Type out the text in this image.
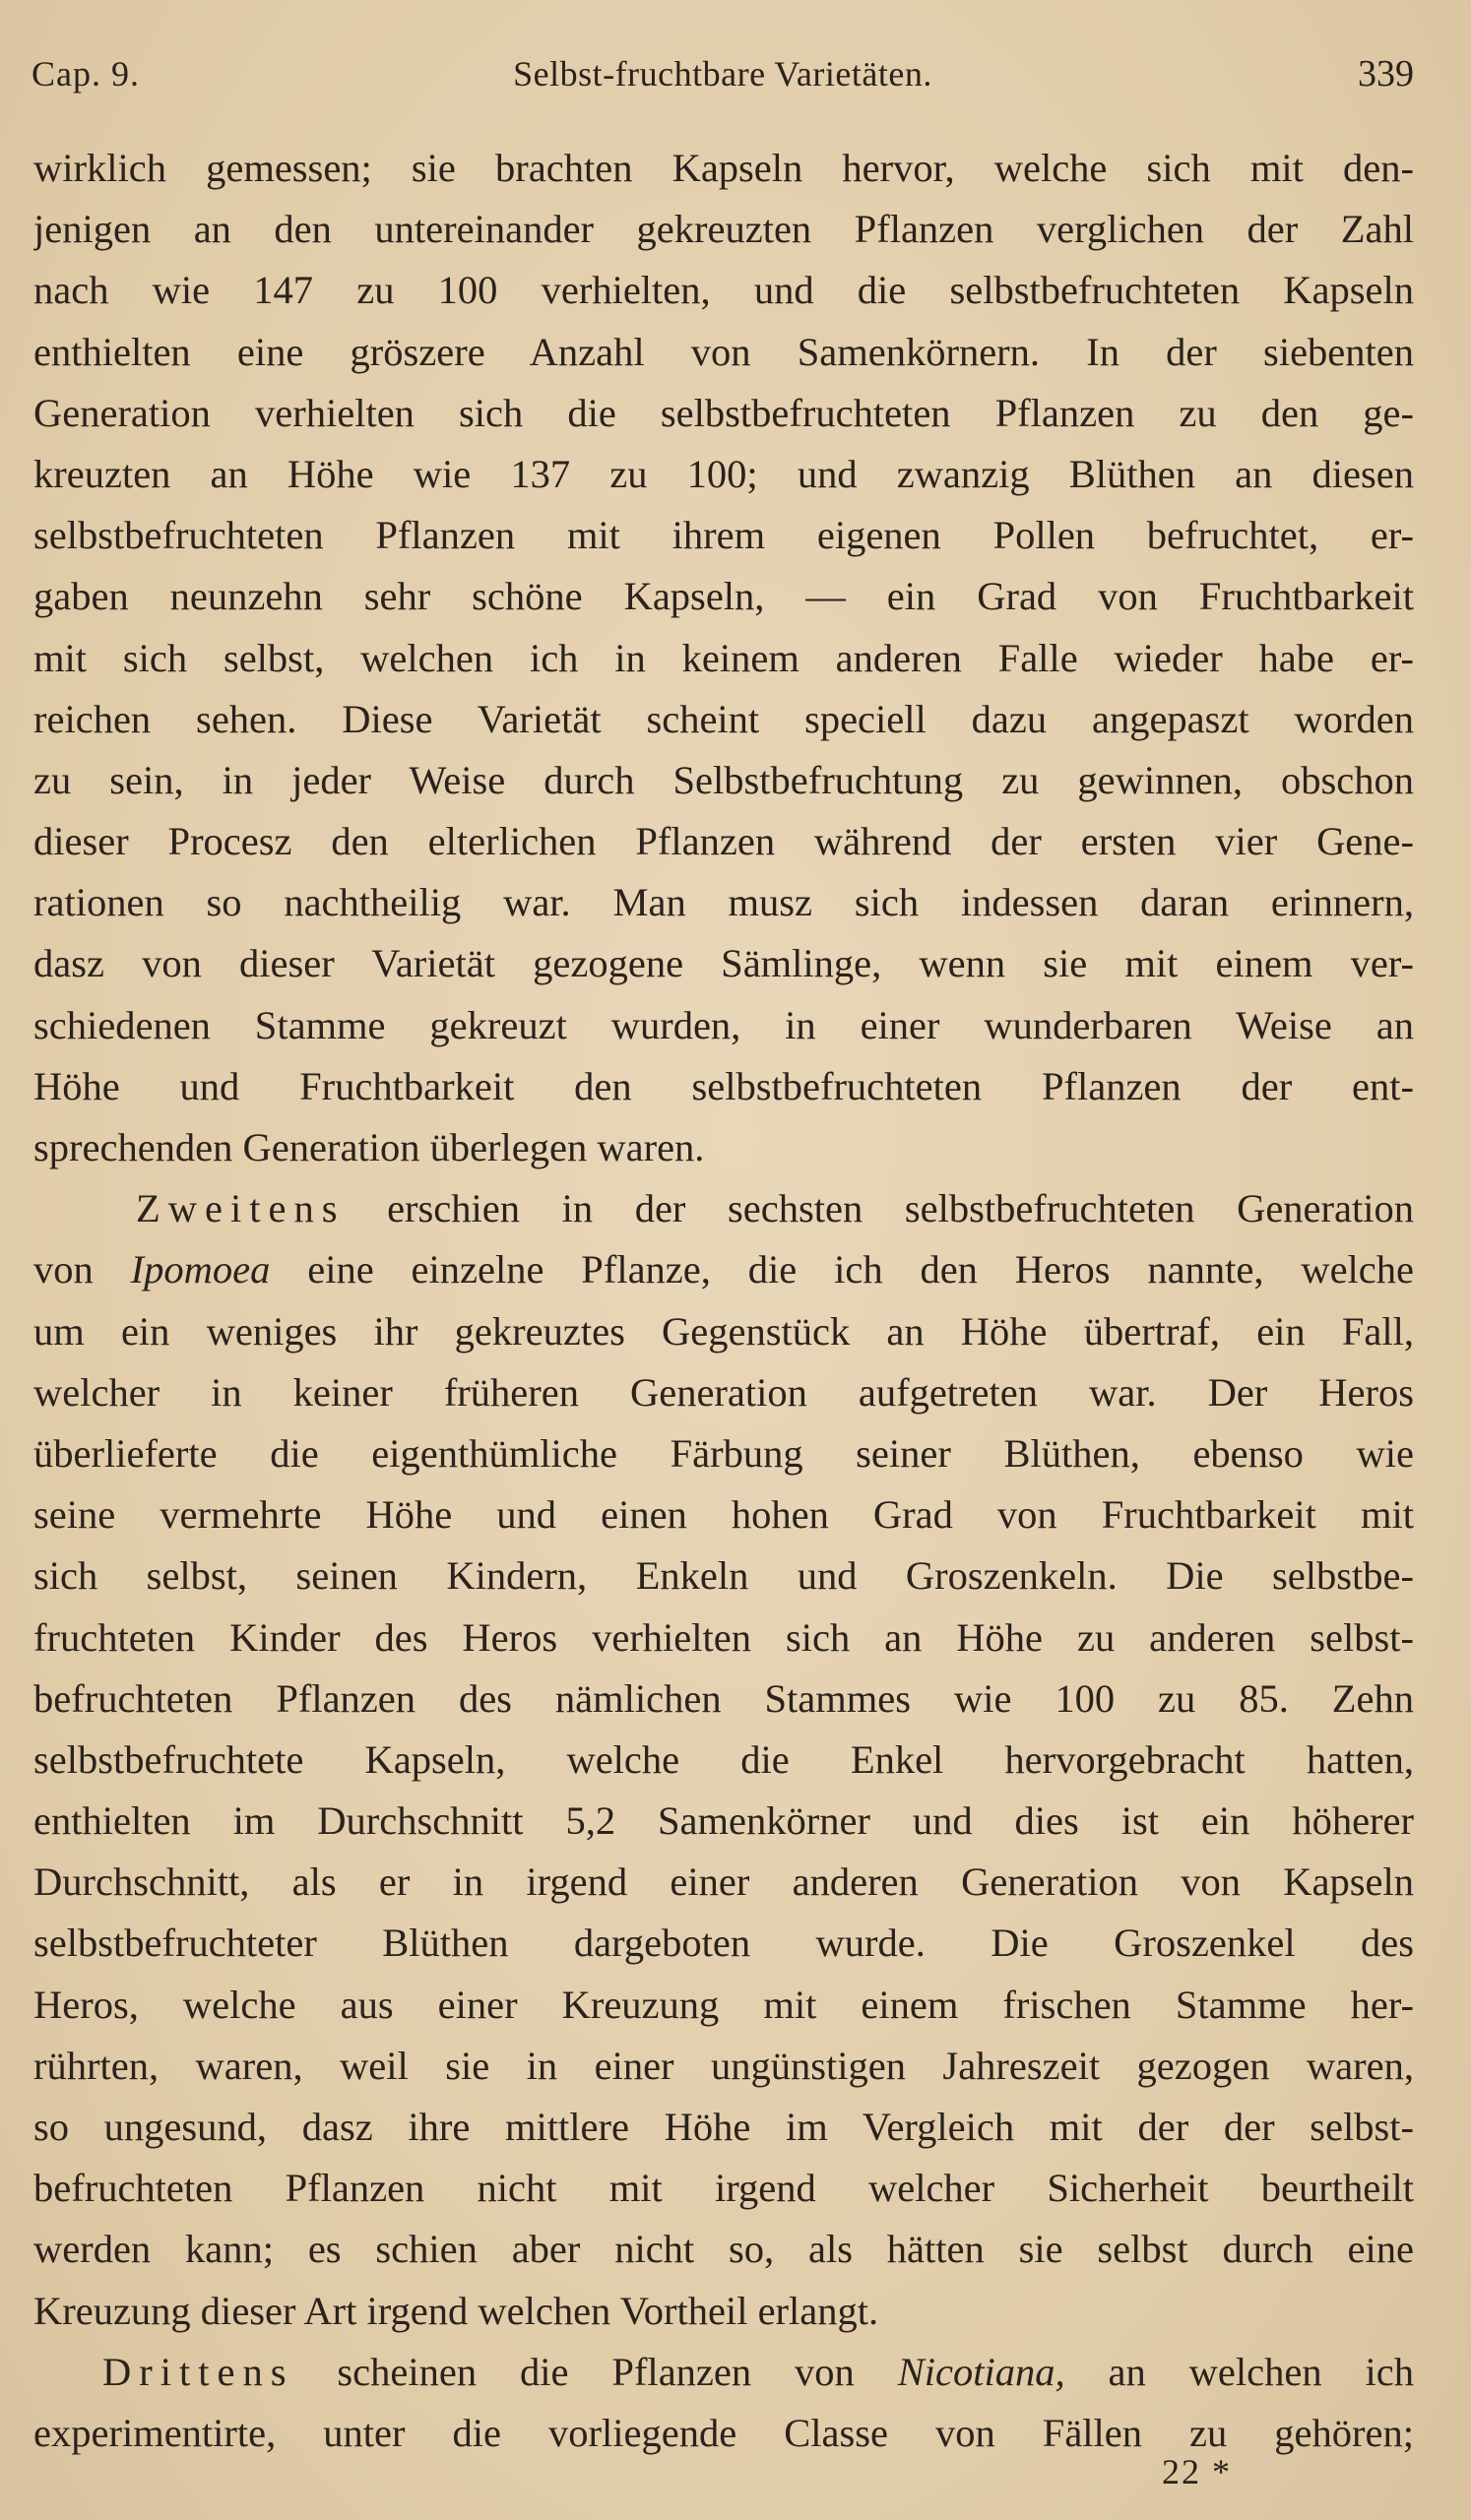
Cap. 9.	Selbst-fruchtbare Varietäten.	339
wirklich gemessen; sie brachten Kapseln hervor, welche sich mit den-
jenigen an den untereinander gekreuzten Pflanzen verglichen der Zahl
nach wie 147 zu 100 verhielten, und die selbstbefruchteten Kapseln
enthielten eine gröszere Anzahl von Samenkörnern. In der siebenten
Generation verhielten sich die selbstbefruchteten Pflanzen zu den ge-
kreuzten an Höhe wie 137 zu 100; und zwanzig Blüthen an diesen
selbstbefruchteten Pflanzen mit ihrem eigenen Pollen befruchtet, er-
gaben neunzehn sehr schöne Kapseln, — ein Grad von Fruchtbarkeit
mit sich selbst, welchen ich in keinem anderen Falle wieder habe er-
reichen sehen. Diese Varietät scheint speciell dazu angepaszt worden
zu sein, in jeder Weise durch Selbstbefruchtung zu gewinnen, obschon
dieser Procesz den elterlichen Pflanzen während der ersten vier Gene-
rationen so nachtheilig war. Man musz sich indessen daran erinnern,
dasz von dieser Varietät gezogene Sämlinge, wenn sie mit einem ver-
schiedenen Stamme gekreuzt wurden, in einer wunderbaren Weise an
Höhe und Fruchtbarkeit den selbstbefruchteten Pflanzen der ent-
sprechenden Generation überlegen waren.
Zweitens erschien in der sechsten selbstbefruchteten Generation
von Ipomoea eine einzelne Pflanze, die ich den Heros nannte, welche
um ein weniges ihr gekreuztes Gegenstück an Höhe übertraf, ein Fall,
welcher in keiner früheren Generation aufgetreten war. Der Heros
überlieferte die eigenthümliche Färbung seiner Blüthen, ebenso wie
seine vermehrte Höhe und einen hohen Grad von Fruchtbarkeit mit
sich selbst, seinen Kindern, Enkeln und Groszenkeln. Die selbstbe-
fruchteten Kinder des Heros verhielten sich an Höhe zu anderen selbst-
befruchteten Pflanzen des nämlichen Stammes wie 100 zu 85. Zehn
selbstbefruchtete Kapseln, welche die Enkel hervorgebracht hatten,
enthielten im Durchschnitt 5,2 Samenkörner und dies ist ein höherer
Durchschnitt, als er in irgend einer anderen Generation von Kapseln
selbstbefruchteter Blüthen dargeboten wurde. Die Groszenkel des
Heros, welche aus einer Kreuzung mit einem frischen Stamme her-
rührten, waren, weil sie in einer ungünstigen Jahreszeit gezogen waren,
so ungesund, dasz ihre mittlere Höhe im Vergleich mit der der selbst-
befruchteten Pflanzen nicht mit irgend welcher Sicherheit beurtheilt
werden kann; es schien aber nicht so, als hätten sie selbst durch eine
Kreuzung dieser Art irgend welchen Vortheil erlangt.
Drittens scheinen die Pflanzen von Nicotiana, an welchen ich
experimentirte, unter die vorliegende Classe von Fällen zu gehören;
22 *
